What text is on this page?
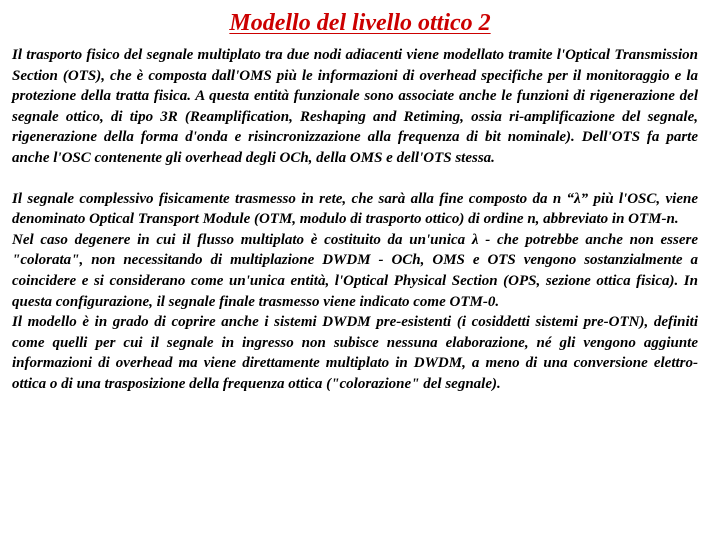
Modello del livello ottico 2

Il trasporto fisico del segnale multiplato tra due nodi adiacenti viene modellato tramite l'Optical Transmission Section (OTS), che è composta dall'OMS più le informazioni di overhead specifiche per il monitoraggio e la protezione della tratta fisica. A questa entità funzionale sono associate anche le funzioni di rigenerazione del segnale ottico, di tipo 3R (Reamplification, Reshaping and Retiming, ossia ri-amplificazione del segnale, rigenerazione della forma d'onda e risincronizzazione alla frequenza di bit nominale). Dell'OTS fa parte anche l'OSC contenente gli overhead degli OCh, della OMS e dell'OTS stessa.

Il segnale complessivo fisicamente trasmesso in rete, che sarà alla fine composto da n “λ” più l'OSC, viene denominato Optical Transport Module (OTM, modulo di trasporto ottico) di ordine n, abbreviato in OTM-n.

Nel caso degenere in cui il flusso multiplato è costituito da un'unica λ - che potrebbe anche non essere "colorata", non necessitando di multiplazione DWDM - OCh, OMS e OTS vengono sostanzialmente a coincidere e si considerano come un'unica entità, l'Optical Physical Section (OPS, sezione ottica fisica). In questa configurazione, il segnale finale trasmesso viene indicato come OTM-0.

Il modello è in grado di coprire anche i sistemi DWDM pre-esistenti (i cosiddetti sistemi pre-OTN), definiti come quelli per cui il segnale in ingresso non subisce nessuna elaborazione, né gli vengono aggiunte informazioni di overhead ma viene direttamente multiplato in DWDM, a meno di una conversione elettro-ottica o di una trasposizione della frequenza ottica ("colorazione" del segnale).
